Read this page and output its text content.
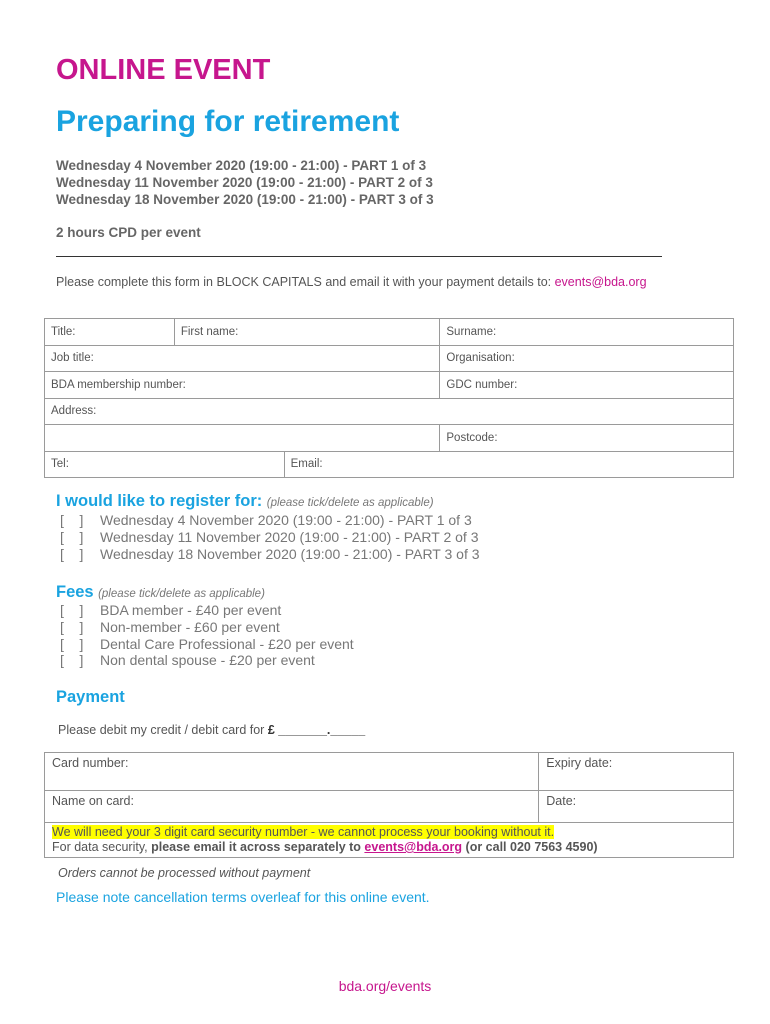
ONLINE EVENT
Preparing for retirement
Wednesday 4 November 2020 (19:00 - 21:00) - PART 1 of 3
Wednesday 11 November 2020 (19:00 - 21:00) - PART 2 of 3
Wednesday 18 November 2020 (19:00 - 21:00) - PART 3 of 3
2 hours CPD per event
Please complete this form in BLOCK CAPITALS and email it with your payment details to: events@bda.org
Title:	First name:		Surname:
Job title:			Organisation:
BDA membership number:			GDC number:
Address:			
			Postcode:
Tel:		Email:	
I would like to register for: (please tick/delete as applicable)
[ ] Wednesday 4 November 2020 (19:00 - 21:00) - PART 1 of 3
[ ] Wednesday 11 November 2020 (19:00 - 21:00) - PART 2 of 3
[ ] Wednesday 18 November 2020 (19:00 - 21:00) - PART 3 of 3
Fees (please tick/delete as applicable)
[ ] BDA member - £40 per event
[ ] Non-member - £60 per event
[ ] Dental Care Professional - £20 per event
[ ] Non dental spouse - £20 per event
Payment
Please debit my credit / debit card for £ _______._____
Card number:	Expiry date:
Name on card:	Date:
We will need your 3 digit card security number - we cannot process your booking without it.
For data security, please email it across separately to events@bda.org (or call 020 7563 4590)	
Orders cannot be processed without payment
Please note cancellation terms overleaf for this online event.
bda.org/events
